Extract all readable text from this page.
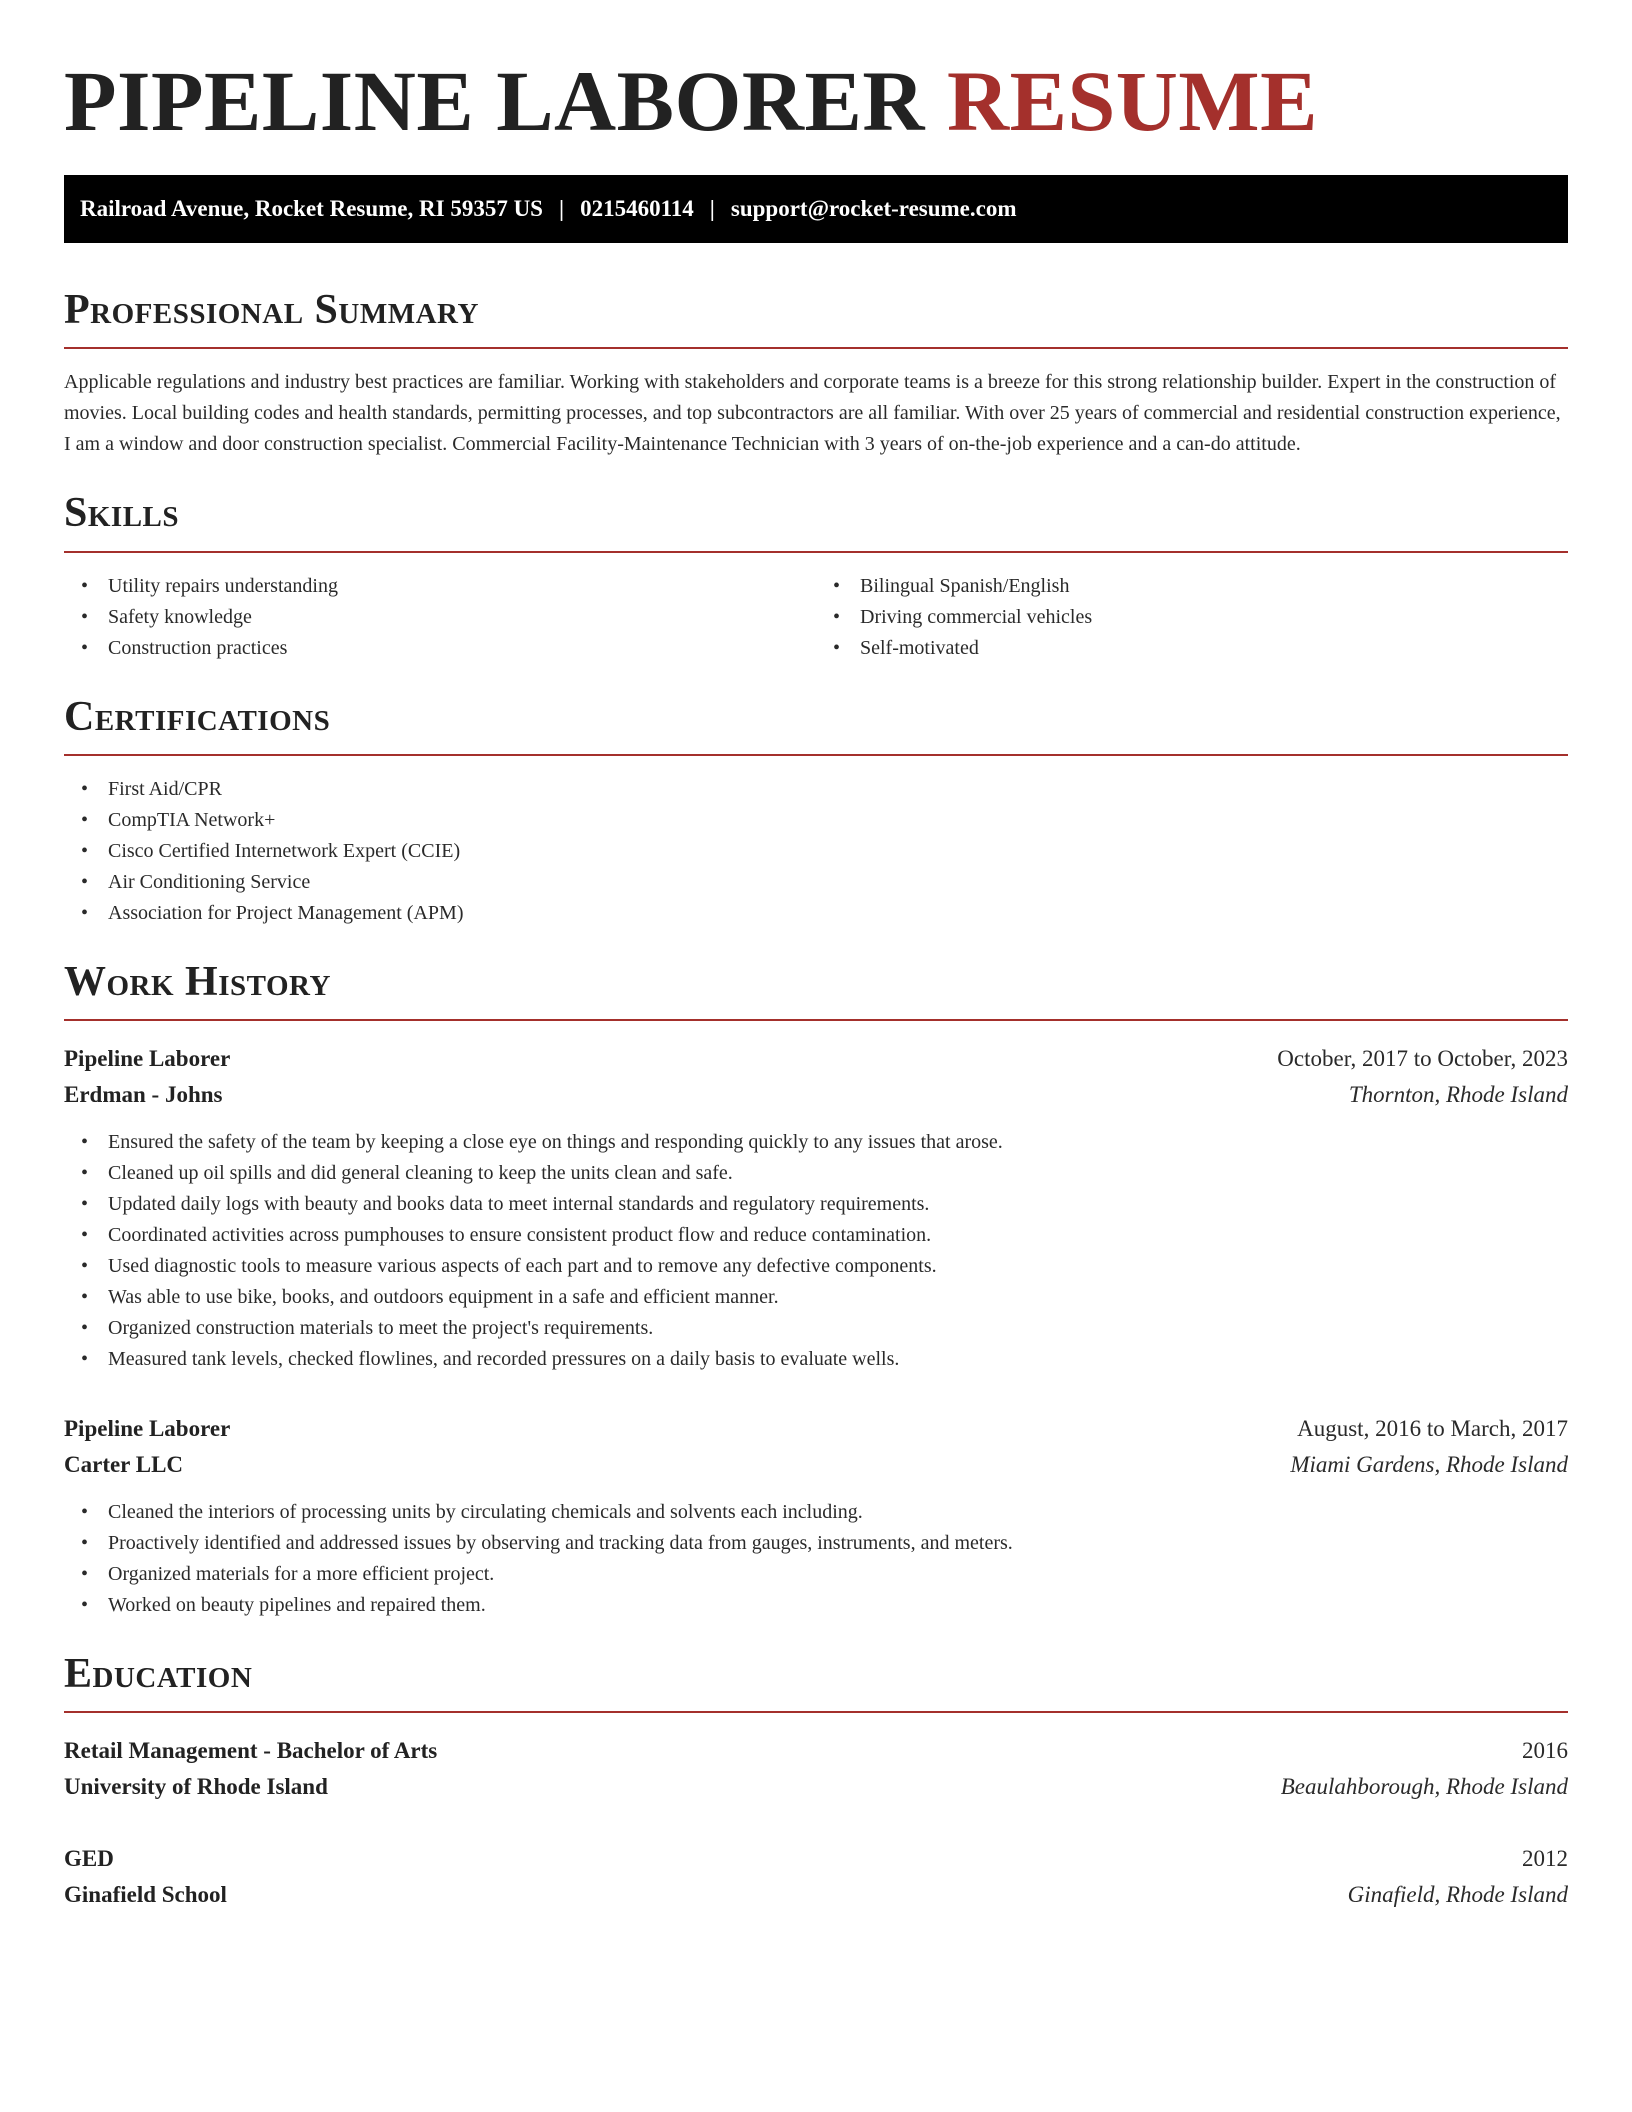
PIPELINE LABORER RESUME
Railroad Avenue, Rocket Resume, RI 59357 US | 0215460114 | support@rocket-resume.com
Professional Summary

Applicable regulations and industry best practices are familiar. Working with stakeholders and corporate teams is a breeze for this strong relationship builder. Expert in the construction of movies. Local building codes and health standards, permitting processes, and top subcontractors are all familiar. With over 25 years of commercial and residential construction experience, I am a window and door construction specialist. Commercial Facility-Maintenance Technician with 3 years of on-the-job experience and a can-do attitude.

Skills
• Utility repairs understanding
• Safety knowledge
• Construction practices
• Bilingual Spanish/English
• Driving commercial vehicles
• Self-motivated
Certifications
• First Aid/CPR
• CompTIA Network+
• Cisco Certified Internetwork Expert (CCIE)
• Air Conditioning Service
• Association for Project Management (APM)
Work History
Pipeline Laborer	October, 2017 to October, 2023
Erdman - Johns	Thornton, Rhode Island
• Ensured the safety of the team by keeping a close eye on things and responding quickly to any issues that arose.
• Cleaned up oil spills and did general cleaning to keep the units clean and safe.
• Updated daily logs with beauty and books data to meet internal standards and regulatory requirements.
• Coordinated activities across pumphouses to ensure consistent product flow and reduce contamination.
• Used diagnostic tools to measure various aspects of each part and to remove any defective components.
• Was able to use bike, books, and outdoors equipment in a safe and efficient manner.
• Organized construction materials to meet the project's requirements.
• Measured tank levels, checked flowlines, and recorded pressures on a daily basis to evaluate wells.
Pipeline Laborer	August, 2016 to March, 2017
Carter LLC	Miami Gardens, Rhode Island
• Cleaned the interiors of processing units by circulating chemicals and solvents each including.
• Proactively identified and addressed issues by observing and tracking data from gauges, instruments, and meters.
• Organized materials for a more efficient project.
• Worked on beauty pipelines and repaired them.
Education
Retail Management - Bachelor of Arts	2016
University of Rhode Island	Beaulahborough, Rhode Island
GED	2012
Ginafield School	Ginafield, Rhode Island
